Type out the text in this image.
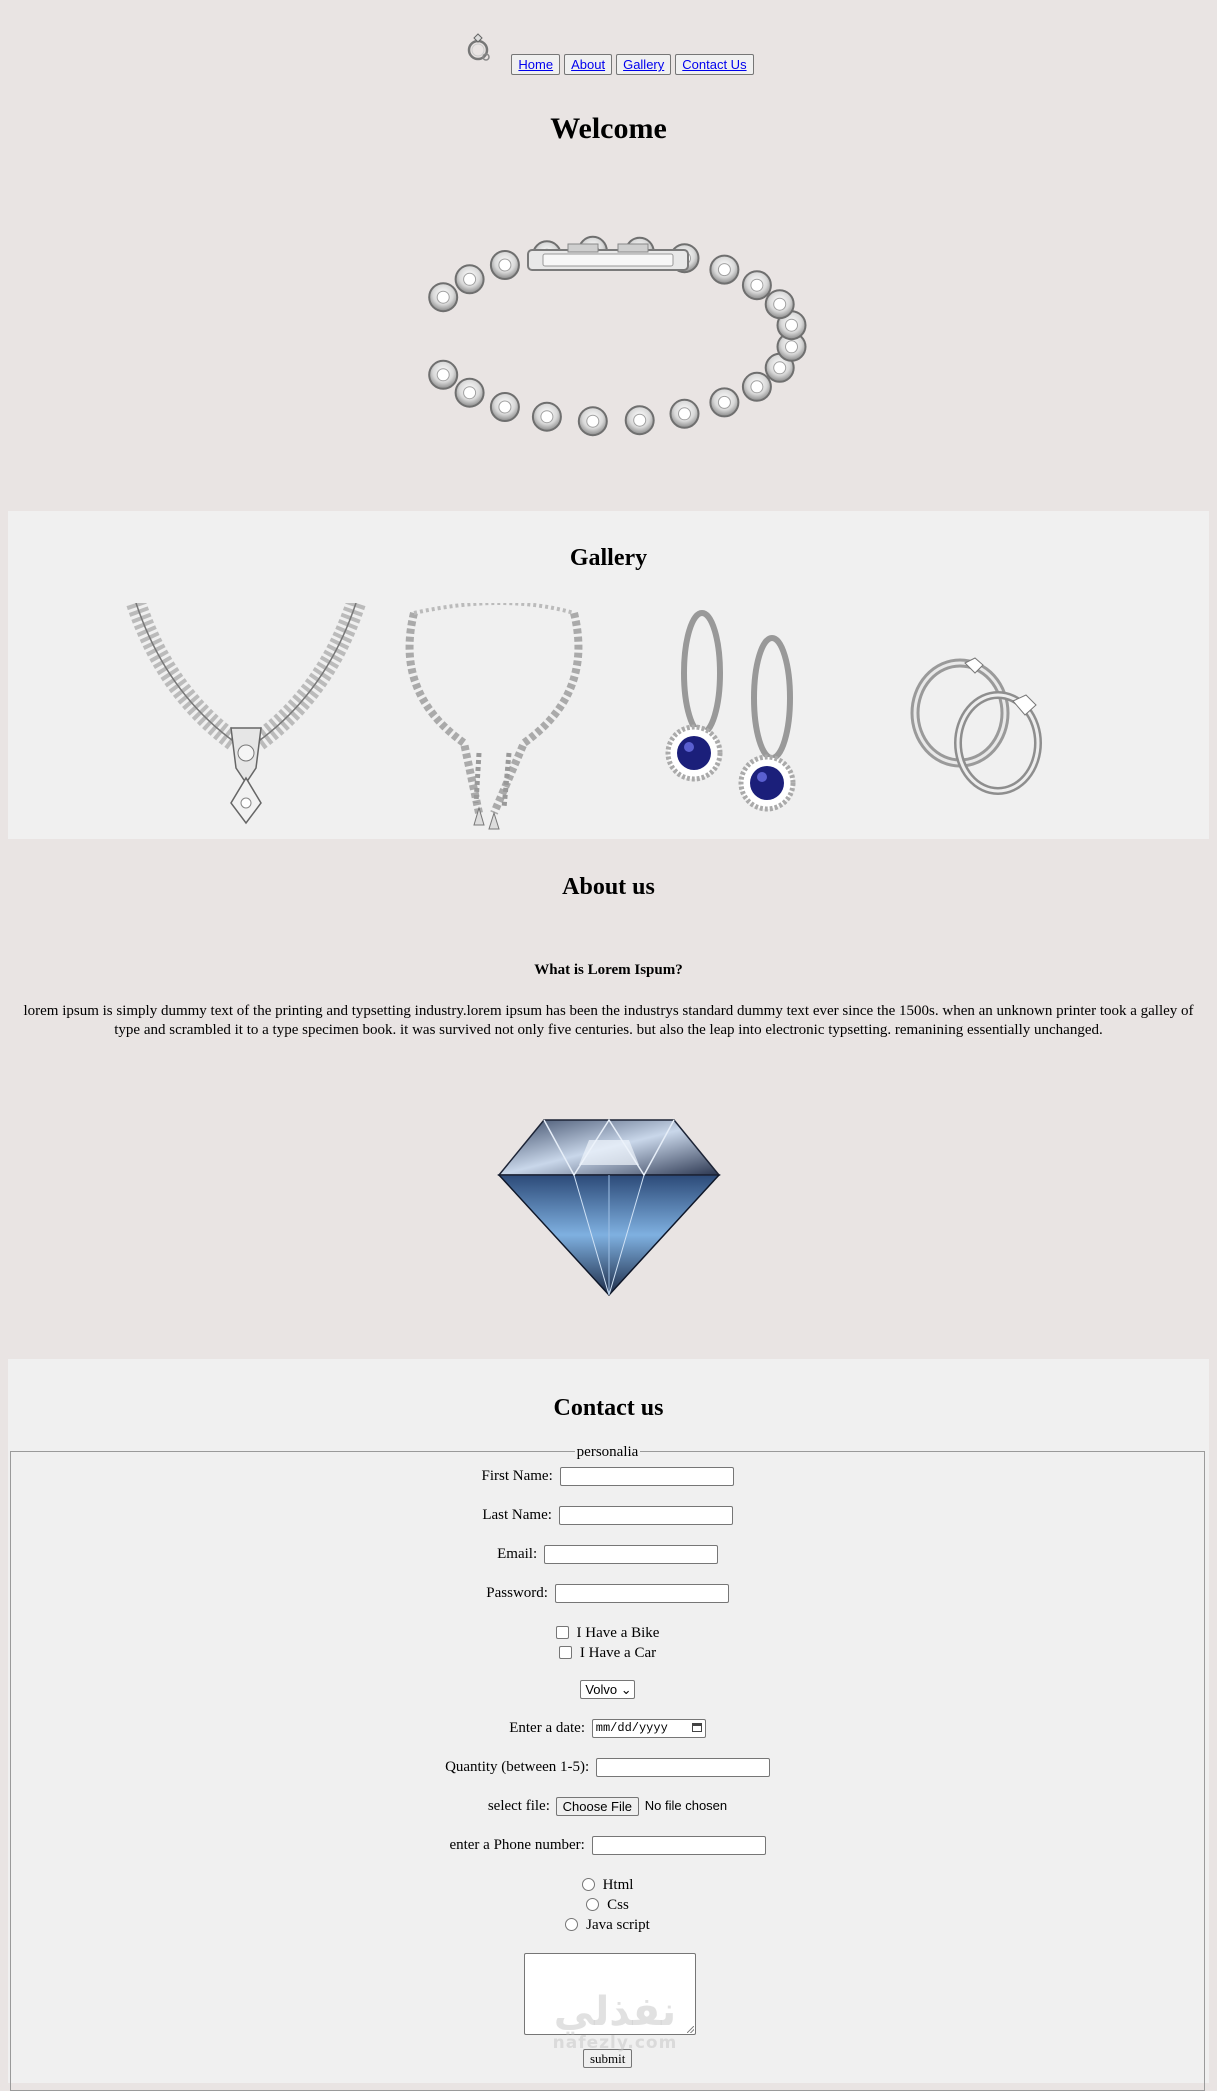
Home About Gallery Contact Us
Welcome
Gallery
About us

What is Lorem Ispum?

lorem ipsum is simply dummy text of the printing and typsetting industry.lorem ipsum has been the industrys standard dummy text ever since the 1500s. when an unknown printer took a galley of type and scrambled it to a type specimen book. it was survived not only five centuries. but also the leap into electronic typsetting. remanining essentially unchanged.

Contact us
personalia
First Name:
Last Name:
Email:
Password:
I Have a Bike
I Have a Car
Volvo ⌄
Enter a date: mm/dd/yyyy
Quantity (between 1-5):
select file: Choose File No file chosen
enter a Phone number:
Html
Css
Java script
submit
نفذلي
nafezly.com
